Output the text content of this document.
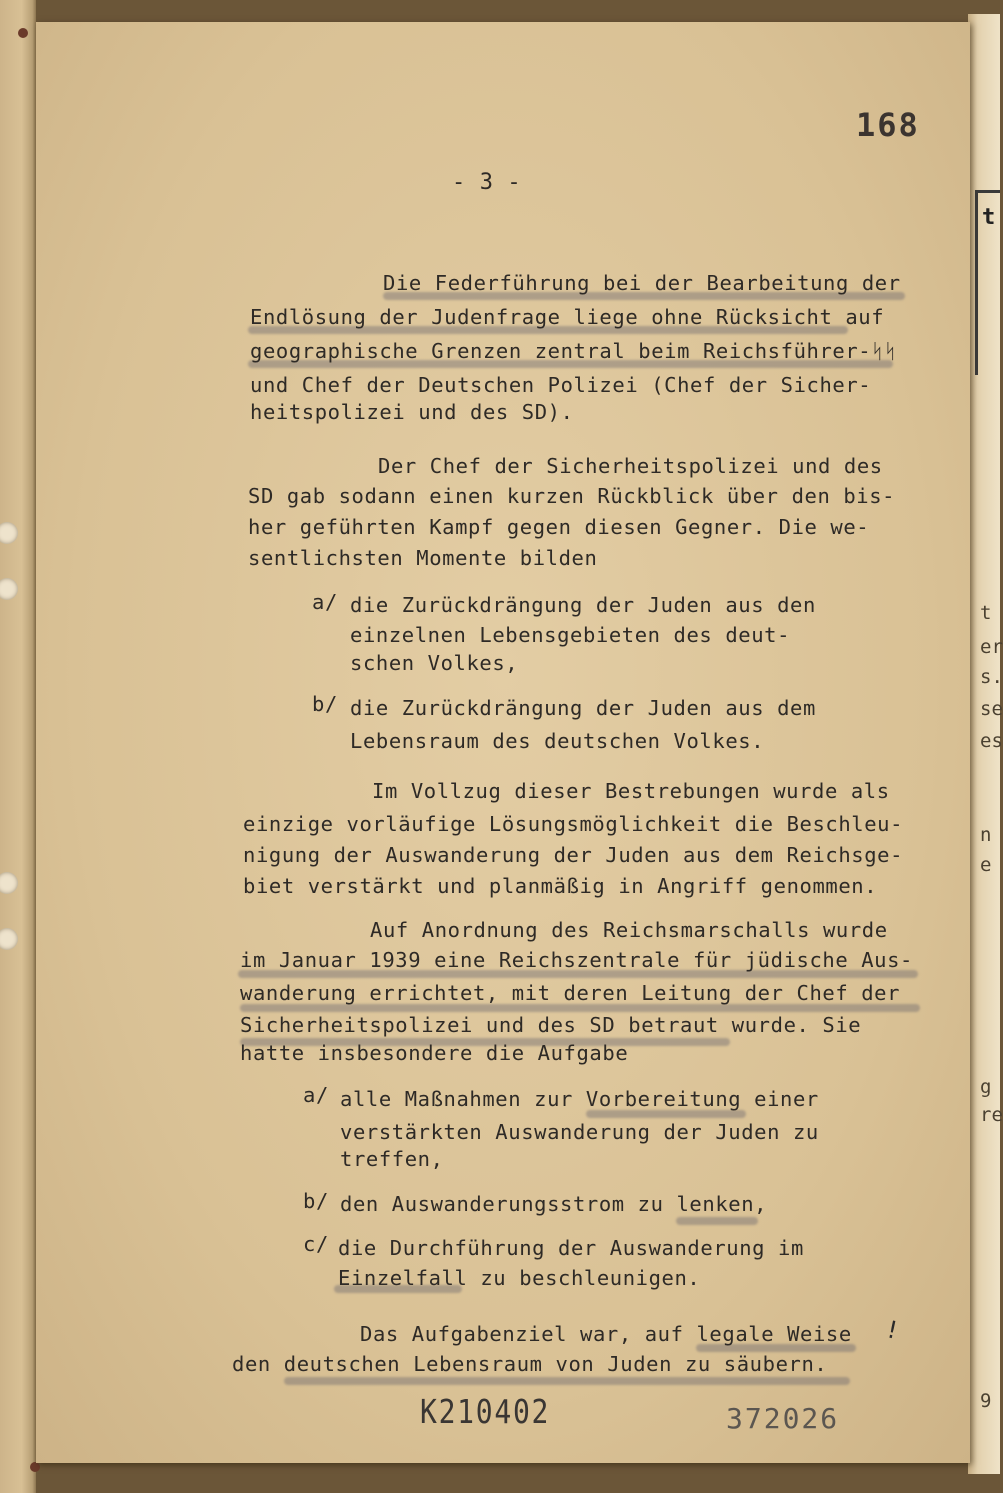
t
t
er
s.
se
es
n
e
g
re
9
168
- 3 -
Die Federführung bei der Bearbeitung der
Endlösung der Judenfrage liege ohne Rücksicht auf
geographische Grenzen zentral beim Reichsführer-ᛋᛋ
und Chef der Deutschen Polizei (Chef der Sicher-
heitspolizei und des SD).
Der Chef der Sicherheitspolizei und des
SD gab sodann einen kurzen Rückblick über den bis-
her geführten Kampf gegen diesen Gegner. Die we-
sentlichsten Momente bilden
a/ die Zurückdrängung der Juden aus den
einzelnen Lebensgebieten des deut-
schen Volkes,
b/ die Zurückdrängung der Juden aus dem
Lebensraum des deutschen Volkes.
Im Vollzug dieser Bestrebungen wurde als
einzige vorläufige Lösungsmöglichkeit die Beschleu-
nigung der Auswanderung der Juden aus dem Reichsge-
biet verstärkt und planmäßig in Angriff genommen.
Auf Anordnung des Reichsmarschalls wurde
im Januar 1939 eine Reichszentrale für jüdische Aus-
wanderung errichtet, mit deren Leitung der Chef der
Sicherheitspolizei und des SD betraut wurde. Sie
hatte insbesondere die Aufgabe
a/ alle Maßnahmen zur Vorbereitung einer
verstärkten Auswanderung der Juden zu
treffen,
b/ den Auswanderungsstrom zu lenken,
c/ die Durchführung der Auswanderung im
Einzelfall zu beschleunigen.
Das Aufgabenziel war, auf legale Weise
den deutschen Lebensraum von Juden zu säubern.
!
K210402	372026
